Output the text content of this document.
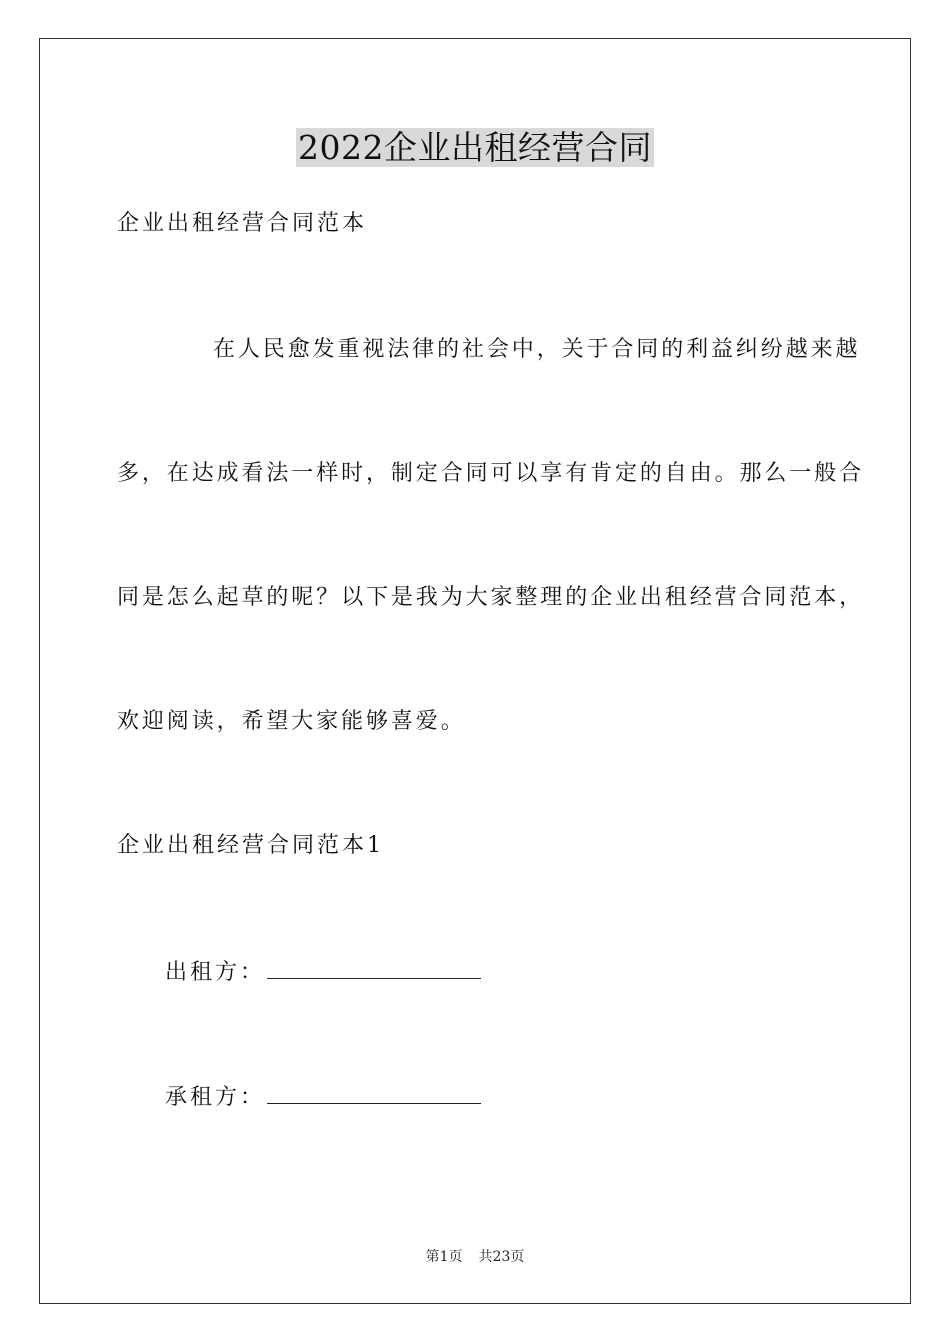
2022企业出租经营合同
企业出租经营合同范本
在人民愈发重视法律的社会中，关于合同的利益纠纷越来越
多，在达成看法一样时，制定合同可以享有肯定的自由。那么一般合
同是怎么起草的呢？以下是我为大家整理的企业出租经营合同范本，
欢迎阅读，希望大家能够喜爱。
企业出租经营合同范本1
出租方：
承租方：
第1页 共23页
